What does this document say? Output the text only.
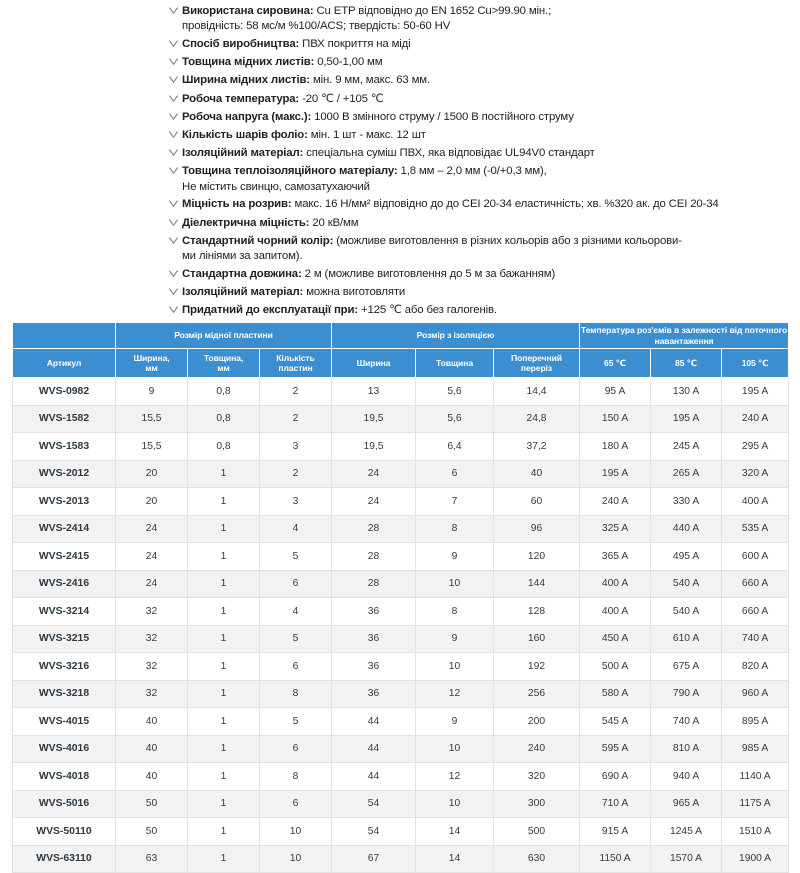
Використана сировина: Cu ETP відповідно до EN 1652 Cu>99.90 мін.;
провідність: 58 мс/м %100/ACS; твердість: 50-60 HV
Спосіб виробництва: ПВХ покриття на міді
Товщина мідних листів: 0,50-1,00 мм
Ширина мідних листів: мін. 9 мм, макс. 63 мм.
Робоча температура: -20 ℃ / +105 ℃
Робоча напруга (макс.): 1000 В змінного струму / 1500 В постійного струму
Кількість шарів фоліо: мін. 1 шт - макс. 12 шт
Ізоляційний матеріал: спеціальна суміш ПВХ, яка відповідає UL94V0 стандарт
Товщина теплоізоляційного матеріалу: 1,8 мм – 2,0 мм (-0/+0,3 мм),
Не містить свинцю, самозатухаючий
Міцність на розрив: макс. 16 Н/мм² відповідно до до CEI 20-34 еластичність; хв. %320 ак. до CEI 20-34
Діелектрична міцність: 20 кВ/мм
Стандартний чорний колір: (можливе виготовлення в різних кольорів або з різними кольорови-
ми лініями за запитом).
Стандартна довжина: 2 м (можливе виготовлення до 5 м за бажанням)
Ізоляційний матеріал: можна виготовляти
Придатний до експлуатації при: +125 ℃ або без галогенів.
	Розмір мідної пластини			Розмір з ізоляцією			Температура роз'ємів в залежності від поточного навантаження		
Артикул	Ширина,
мм	Товщина,
мм	Кількість
пластин	Ширина	Товщина	Поперечний
переріз	65 ℃	85 ℃	105 ℃
WVS-0982	9	0,8	2	13	5,6	14,4	95 A	130 A	195 A
WVS-1582	15,5	0,8	2	19,5	5,6	24,8	150 A	195 A	240 A
WVS-1583	15,5	0,8	3	19,5	6,4	37,2	180 A	245 A	295 A
WVS-2012	20	1	2	24	6	40	195 A	265 A	320 A
WVS-2013	20	1	3	24	7	60	240 A	330 A	400 A
WVS-2414	24	1	4	28	8	96	325 A	440 A	535 A
WVS-2415	24	1	5	28	9	120	365 A	495 A	600 A
WVS-2416	24	1	6	28	10	144	400 A	540 A	660 A
WVS-3214	32	1	4	36	8	128	400 A	540 A	660 A
WVS-3215	32	1	5	36	9	160	450 A	610 A	740 A
WVS-3216	32	1	6	36	10	192	500 A	675 A	820 A
WVS-3218	32	1	8	36	12	256	580 A	790 A	960 A
WVS-4015	40	1	5	44	9	200	545 A	740 A	895 A
WVS-4016	40	1	6	44	10	240	595 A	810 A	985 A
WVS-4018	40	1	8	44	12	320	690 A	940 A	1140 A
WVS-5016	50	1	6	54	10	300	710 A	965 A	1175 A
WVS-50110	50	1	10	54	14	500	915 A	1245 A	1510 A
WVS-63110	63	1	10	67	14	630	1150 A	1570 A	1900 A
